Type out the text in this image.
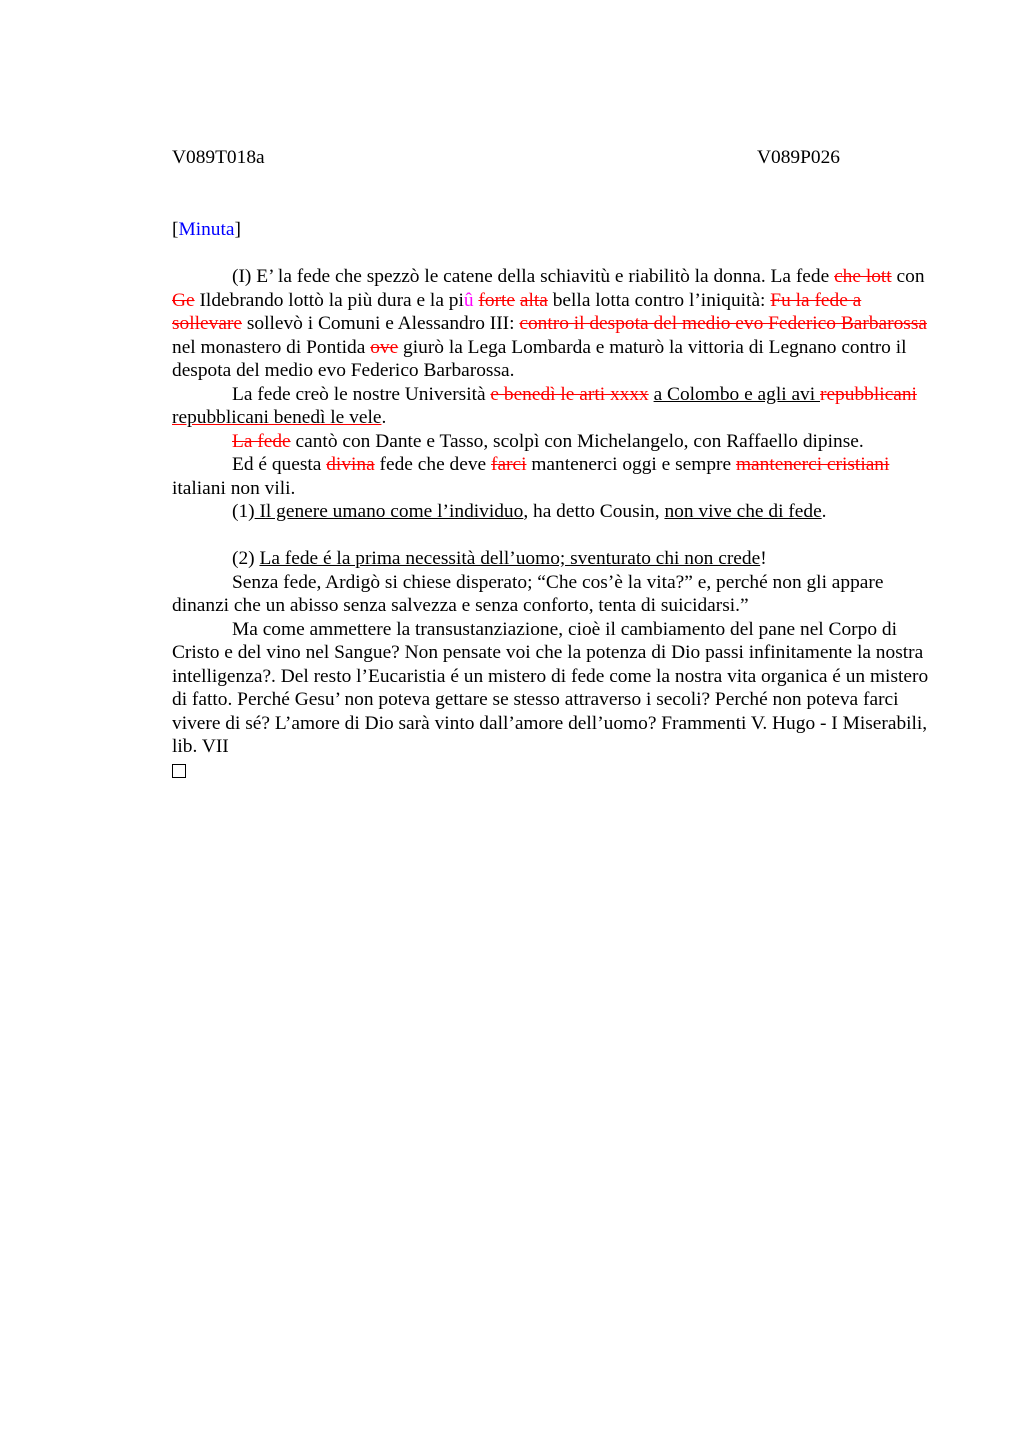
V089T018a	V089P026

[Minuta]

(I) E’ la fede che spezzò le catene della schiavitù e riabilitò la donna. La fede che lott con Ge Ildebrando lottò la più dura e la piû forte alta bella lotta contro l’iniquità: Fu la fede a sollevare sollevò i Comuni e Alessandro III: contro il despota del medio evo Federico Barbarossa nel monastero di Pontida ove giurò la Lega Lombarda e maturò la vittoria di Legnano contro il despota del medio evo Federico Barbarossa.

La fede creò le nostre Università e benedì le arti xxxx a Colombo e agli avi repubblicani repubblicani benedì le vele.

La fede cantò con Dante e Tasso, scolpì con Michelangelo, con Raffaello dipinse.

Ed é questa divina fede che deve farci mantenerci oggi e sempre mantenerci cristiani italiani non vili.

(1) Il genere umano come l’individuo, ha detto Cousin, non vive che di fede.

(2) La fede é la prima necessità dell’uomo; sventurato chi non crede!

Senza fede, Ardigò si chiese disperato; “Che cos’è la vita?” e, perché non gli appare dinanzi che un abisso senza salvezza e senza conforto, tenta di suicidarsi.”

Ma come ammettere la transustanziazione, cioè il cambiamento del pane nel Corpo di Cristo e del vino nel Sangue? Non pensate voi che la potenza di Dio passi infinitamente la nostra intelligenza?. Del resto l’Eucaristia é un mistero di fede come la nostra vita organica é un mistero di fatto. Perché Gesu’ non poteva gettare se stesso attraverso i secoli? Perché non poteva farci vivere di sé? L’amore di Dio sarà vinto dall’amore dell’uomo? Frammenti V. Hugo - I Miserabili, lib. VII
